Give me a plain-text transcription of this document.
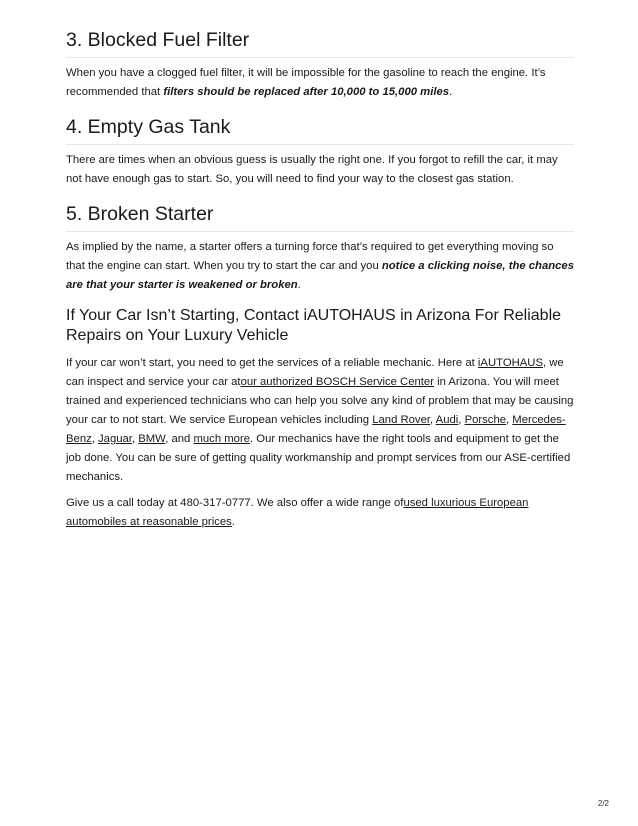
3. Blocked Fuel Filter

When you have a clogged fuel filter, it will be impossible for the gasoline to reach the engine. It’s recommended that filters should be replaced after 10,000 to 15,000 miles.

4. Empty Gas Tank

There are times when an obvious guess is usually the right one. If you forgot to refill the car, it may not have enough gas to start. So, you will need to find your way to the closest gas station.

5. Broken Starter

As implied by the name, a starter offers a turning force that’s required to get everything moving so that the engine can start. When you try to start the car and you notice a clicking noise, the chances are that your starter is weakened or broken.

If Your Car Isn’t Starting, Contact iAUTOHAUS in Arizona For Reliable Repairs on Your Luxury Vehicle

If your car won’t start, you need to get the services of a reliable mechanic. Here at iAUTOHAUS, we can inspect and service your car atour authorized BOSCH Service Center in Arizona. You will meet trained and experienced technicians who can help you solve any kind of problem that may be causing your car to not start. We service European vehicles including Land Rover, Audi, Porsche, Mercedes-Benz, Jaguar, BMW, and much more. Our mechanics have the right tools and equipment to get the job done. You can be sure of getting quality workmanship and prompt services from our ASE-certified mechanics.

Give us a call today at 480-317-0777. We also offer a wide range ofused luxurious European automobiles at reasonable prices.

2/2
